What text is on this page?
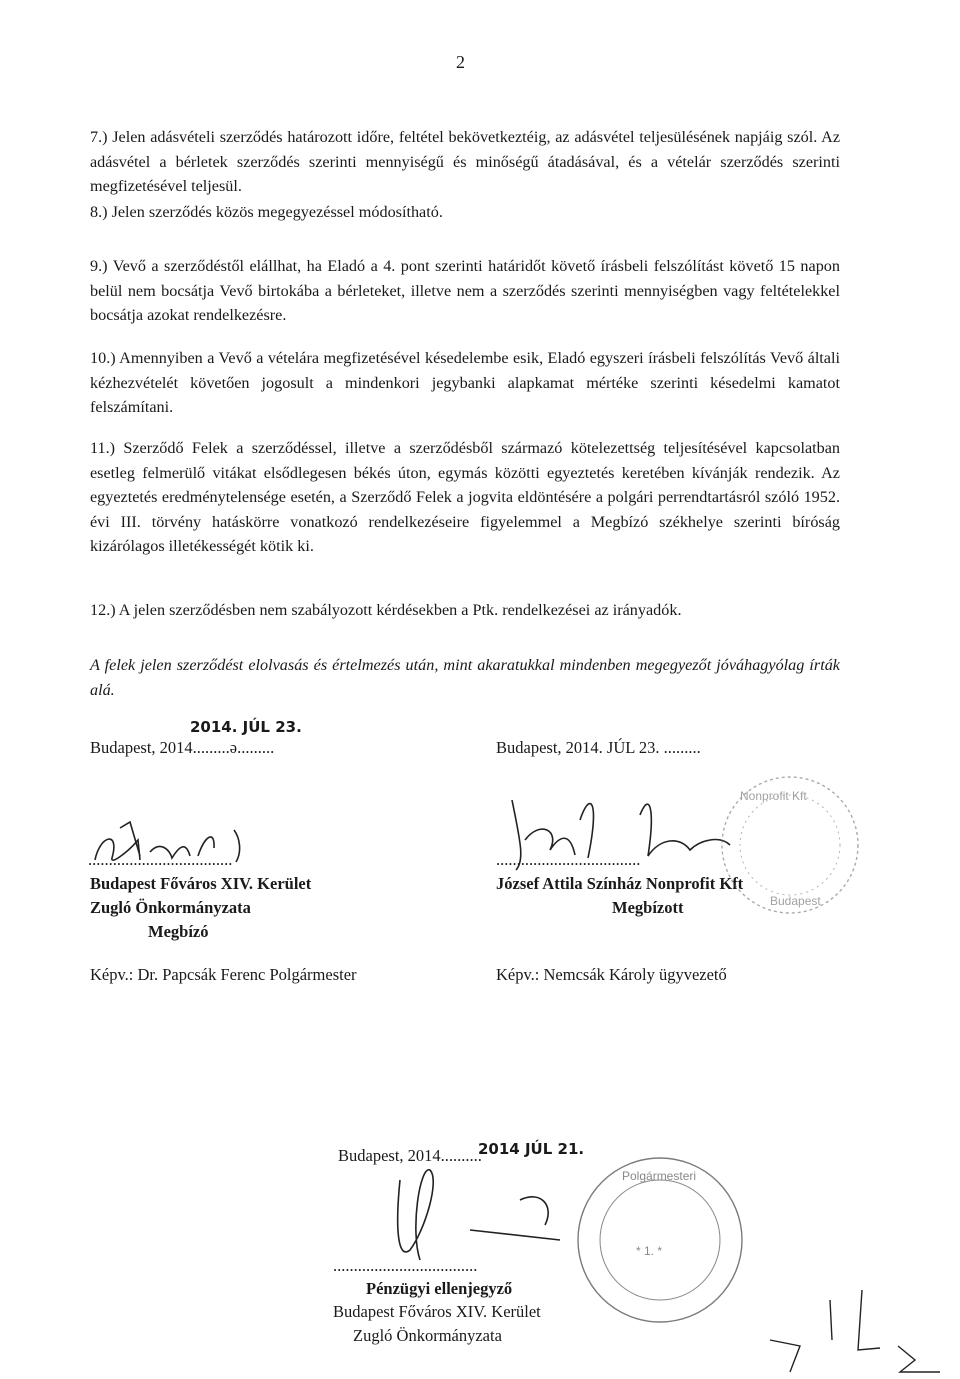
2
7.) Jelen adásvételi szerződés határozott időre, feltétel bekövetkeztéig, az adásvétel teljesülésének napjáig szól. Az adásvétel a bérletek szerződés szerinti mennyiségű és minőségű átadásával, és a vételár szerződés szerinti megfizetésével teljesül.
8.) Jelen szerződés közös megegyezéssel módosítható.
9.) Vevő a szerződéstől elállhat, ha Eladó a 4. pont szerinti határidőt követő írásbeli felszólítást követő 15 napon belül nem bocsátja Vevő birtokába a bérleteket, illetve nem a szerződés szerinti mennyiségben vagy feltételekkel bocsátja azokat rendelkezésre.
10.) Amennyiben a Vevő a vételára megfizetésével késedelembe esik, Eladó egyszeri írásbeli felszólítás Vevő általi kézhezvételét követően jogosult a mindenkori jegybanki alapkamat mértéke szerinti késedelmi kamatot felszámítani.
11.) Szerződő Felek a szerződéssel, illetve a szerződésből származó kötelezettség teljesítésével kapcsolatban esetleg felmerülő vitákat elsődlegesen békés úton, egymás közötti egyeztetés keretében kívánják rendezik. Az egyeztetés eredménytelensége esetén, a Szerződő Felek a jogvita eldöntésére a polgári perrendtartásról szóló 1952. évi III. törvény hatáskörre vonatkozó rendelkezéseire figyelemmel a Megbízó székhelye szerinti bíróság kizárólagos illetékességét kötik ki.
12.) A jelen szerződésben nem szabályozott kérdésekben a Ptk. rendelkezései az irányadók.
A felek jelen szerződést elolvasás és értelmezés után, mint akaratukkal mindenben megegyezőt jóváhagyólag írták alá.
2014. JÚL 23.
Budapest, 2014.........ǝ.........
...................................
Budapest Főváros XIV. Kerület
Zugló Önkormányzata
Megbízó
Képv.: Dr. Papcsák Ferenc Polgármester
Budapest, 2014. JÚL 23. .........
...................................
József Attila Színház Nonprofit Kft
Megbízott
Képv.: Nemcsák Károly ügyvezető
2014 JÚL 21.
Budapest, 2014..........
...................................
Pénzügyi ellenjegyző
Budapest Főváros XIV. Kerület
Zugló Önkormányzata
Nonprofit Kft
Budapest
Polgármesteri
* 1. *
